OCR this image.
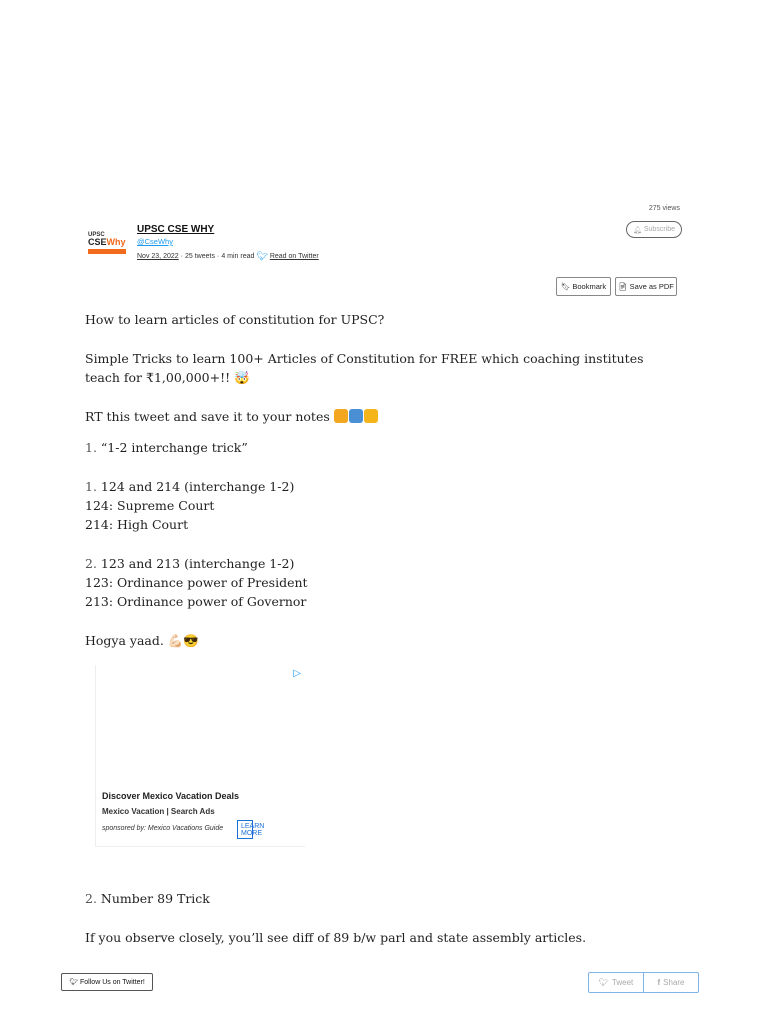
275 views
🔔︎ Subscribe
UPSC
CSEWhy
UPSC CSE WHY
@CseWhy
Nov 23, 2022 · 25 tweets · 4 min read 🐦︎ Read on Twitter
🔖︎ Bookmark 📄︎ Save as PDF

How to learn articles of constitution for UPSC?

Simple Tricks to learn 100+ Articles of Constitution for FREE which coaching institutes teach for ₹1,00,000+!! 🤯

RT this tweet and save it to your notes

1. “1-2 interchange trick”

1. 124 and 214 (interchange 1-2)

124: Supreme Court

214: High Court

2. 123 and 213 (interchange 1-2)

123: Ordinance power of President

213: Ordinance power of Governor

Hogya yaad. 💪🏻😎

▷
Discover Mexico Vacation Deals
Mexico Vacation | Search Ads
sponsored by: Mexico Vacations Guide	LEARN MORE

2. Number 89 Trick

If you observe closely, you’ll see diff of 89 b/w parl and state assembly articles.

🐦︎ Follow Us on Twitter!	🐦︎ Tweet	f Share
